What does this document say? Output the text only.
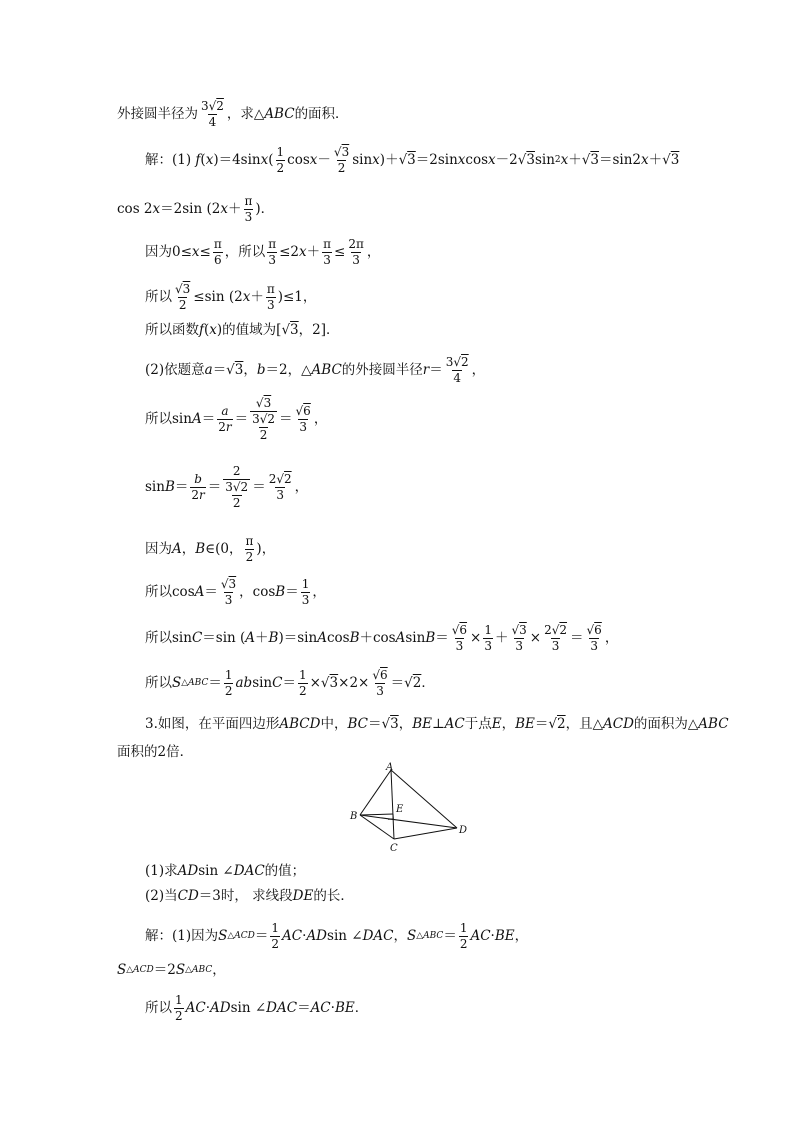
外接圆半径为 $\frac{3√2}{4}$ ，求△ ABC 的面积．
解：(1) f ( x )＝4sin x ( $\frac{1}{2}$ $\cos x - \frac{√3}{2}$ sin x )＋√3＝2sin x cos x －2√3sin 2 x ＋√3＝sin2 x ＋√3
cos 2 x ＝2sin (2 $x + \frac{\pi}{3}$ )．
因为$0\le x \le \frac{\pi}{6}$ ，所以 $\frac{\pi}{3} \le 2$ $x + \frac{\pi}{3} \le \frac{2\pi}{3}$ ，
所以 $\frac{√3}{2} \le\sin$ (2 $x + \frac{\pi}{3} )\le 1$，
所以函数 f ( x )的值域为[√3，2]．
(2)依题意 a ＝√3， b ＝2，△ ABC 的外接圆半径 $r = \frac{3√2}{4}$ ，
所以$\sin A = \frac{a}{2r} = \frac{√3}{\frac{3√2}{2}} = \frac{√6}{3}$ ，
$\sin B = \frac{b}{2r} = \frac{2}{\frac{3√2}{2}} = \frac{2√2}{3}$ ，
因为 A ， B ∈(0， $\frac{\pi}{2}$ )，
所以$\cos A = \frac{√3}{3}$ ，$\cos B = \frac{1}{3}$ ，
所以sin C ＝sin ( A ＋ B )＝sin A cos B ＋cos A $\sin B = \frac{√6}{3} \times \frac{1}{3} + \frac{√3}{3} \times \frac{2√2}{3} = \frac{√6}{3}$ ，
所以 S △ABC ＝ $\frac{1}{2}$ ab $\sin C = \frac{1}{2} \times√3\times 2\times \frac{√6}{3} =√2$．
3.如图，在平面四边形 ABCD 中， BC ＝√3， BE ⊥ AC 于点 E ， BE ＝√2，且△ ACD 的面积为△ ABC
面积的2倍．
A
B
C
D
E
(1)求 AD sin ∠ DAC 的值；
(2)当 CD ＝3时， 求线段 DE 的长．
解：(1)因为 S △ACD ＝ $\frac{1}{2}$ AC · AD sin ∠ DAC ， S △ABC ＝ $\frac{1}{2}$ AC · BE ，
S △ACD ＝2 S △ABC ，
所以 $\frac{1}{2}$ AC · AD sin ∠ DAC ＝ AC · BE ．
